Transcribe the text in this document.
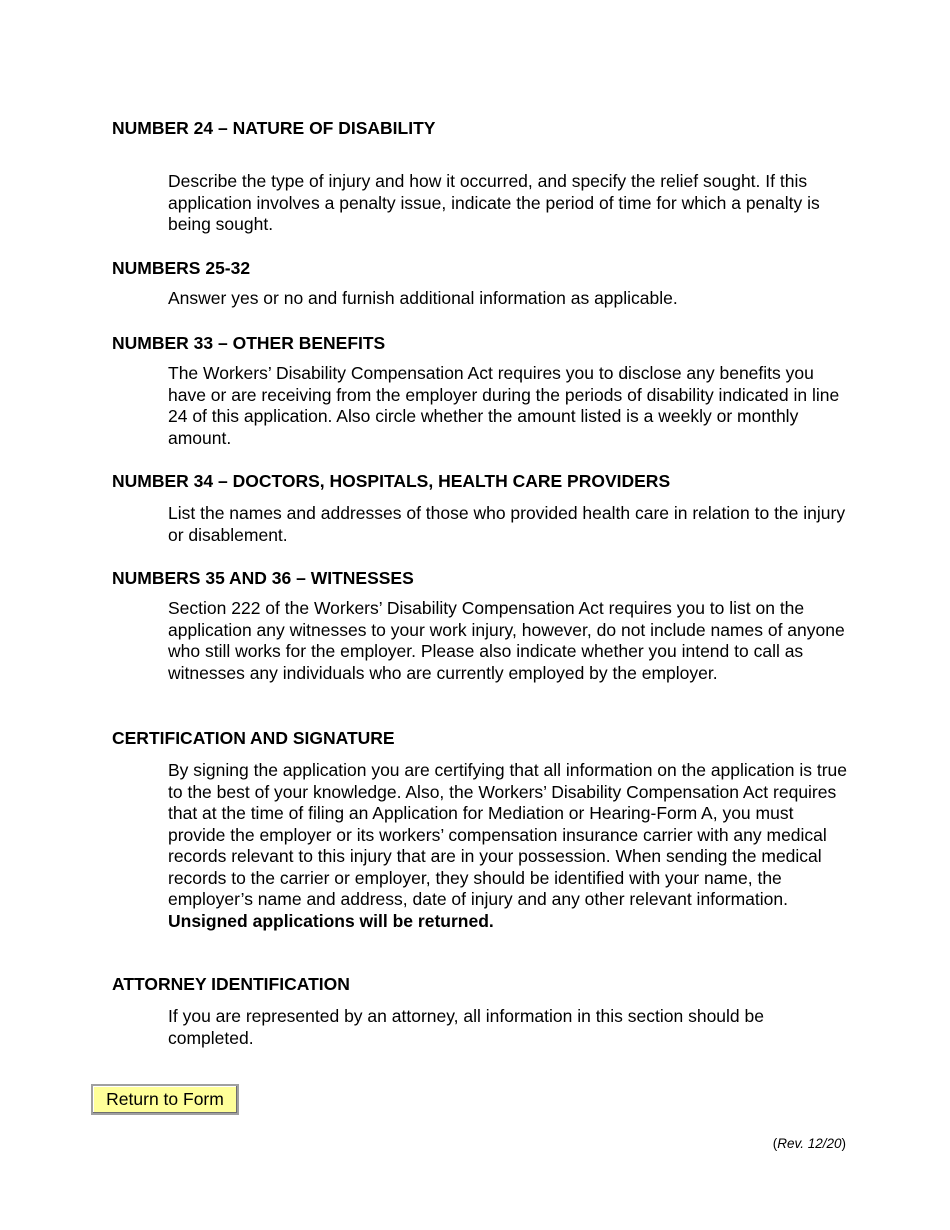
NUMBER 24 – NATURE OF DISABILITY

Describe the type of injury and how it occurred, and specify the relief sought. If this application involves a penalty issue, indicate the period of time for which a penalty is being sought.

NUMBERS 25-32

Answer yes or no and furnish additional information as applicable.

NUMBER 33 – OTHER BENEFITS

The Workers’ Disability Compensation Act requires you to disclose any benefits you have or are receiving from the employer during the periods of disability indicated in line 24 of this application. Also circle whether the amount listed is a weekly or monthly amount.

NUMBER 34 – DOCTORS, HOSPITALS, HEALTH CARE PROVIDERS

List the names and addresses of those who provided health care in relation to the injury or disablement.

NUMBERS 35 AND 36 – WITNESSES

Section 222 of the Workers’ Disability Compensation Act requires you to list on the application any witnesses to your work injury, however, do not include names of anyone who still works for the employer. Please also indicate whether you intend to call as witnesses any individuals who are currently employed by the employer.

CERTIFICATION AND SIGNATURE

By signing the application you are certifying that all information on the application is true to the best of your knowledge. Also, the Workers’ Disability Compensation Act requires that at the time of filing an Application for Mediation or Hearing-Form A, you must provide the employer or its workers’ compensation insurance carrier with any medical records relevant to this injury that are in your possession. When sending the medical records to the carrier or employer, they should be identified with your name, the employer’s name and address, date of injury and any other relevant information. Unsigned applications will be returned.

ATTORNEY IDENTIFICATION

If you are represented by an attorney, all information in this section should be completed.

Return to Form
(Rev. 12/20)
